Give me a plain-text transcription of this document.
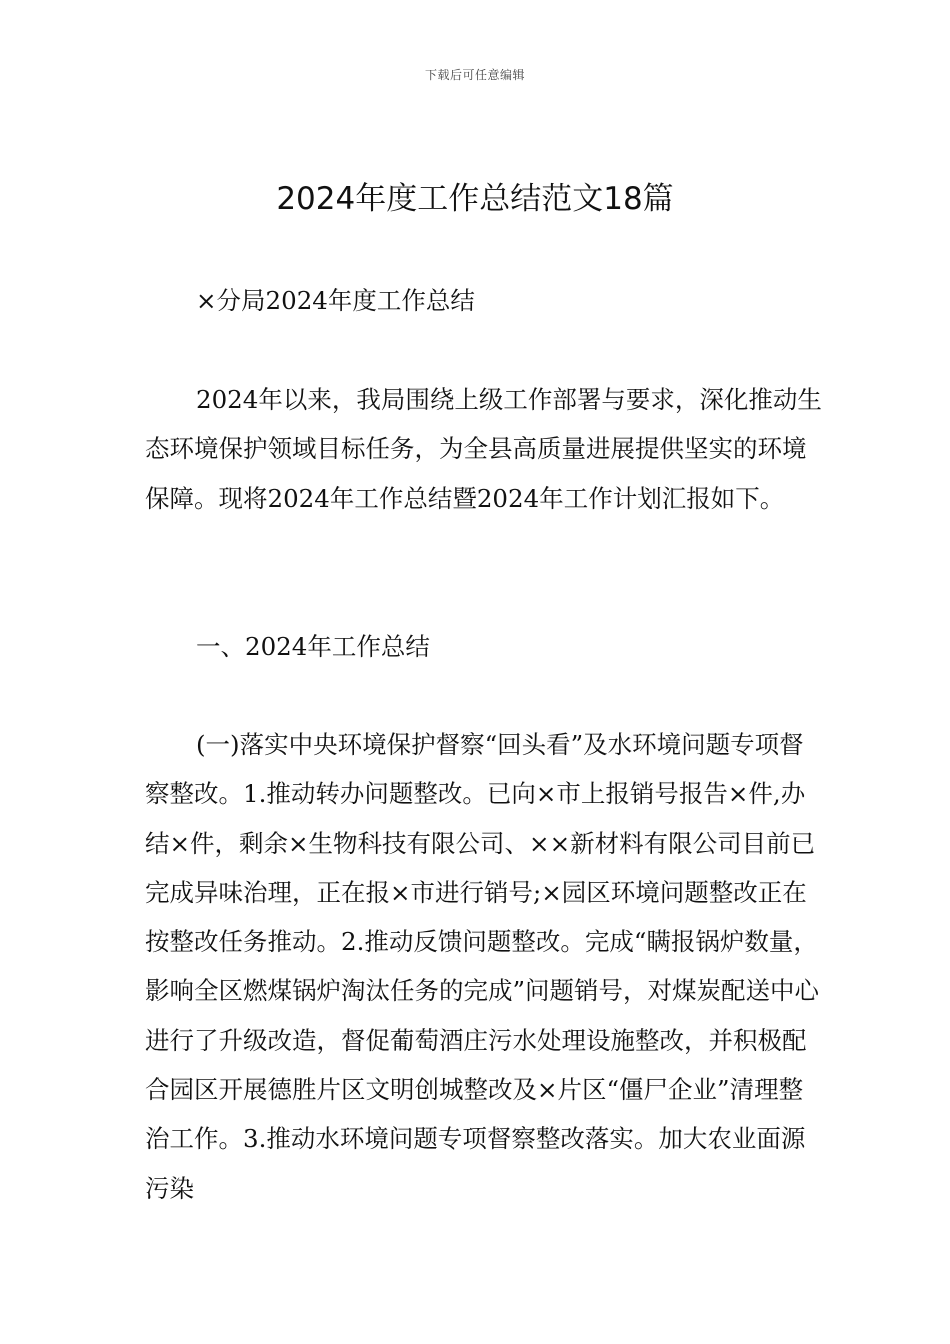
下载后可任意编辑
2024年度工作总结范文18篇

×分局2024年度工作总结

2024年以来，我局围绕上级工作部署与要求，深化推动生态环境保护领域目标任务，为全县高质量进展提供坚实的环境保障。现将2024年工作总结暨2024年工作计划汇报如下。

一、2024年工作总结

(一)落实中央环境保护督察“回头看”及水环境问题专项督察整改。1.推动转办问题整改。已向×市上报销号报告×件,办结×件，剩余×生物科技有限公司、××新材料有限公司目前已完成异味治理，正在报×市进行销号;×园区环境问题整改正在按整改任务推动。2.推动反馈问题整改。完成“瞒报锅炉数量，影响全区燃煤锅炉淘汰任务的完成”问题销号，对煤炭配送中心进行了升级改造，督促葡萄酒庄污水处理设施整改，并积极配合园区开展德胜片区文明创城整改及×片区“僵尸企业”清理整治工作。3.推动水环境问题专项督察整改落实。加大农业面源污染
